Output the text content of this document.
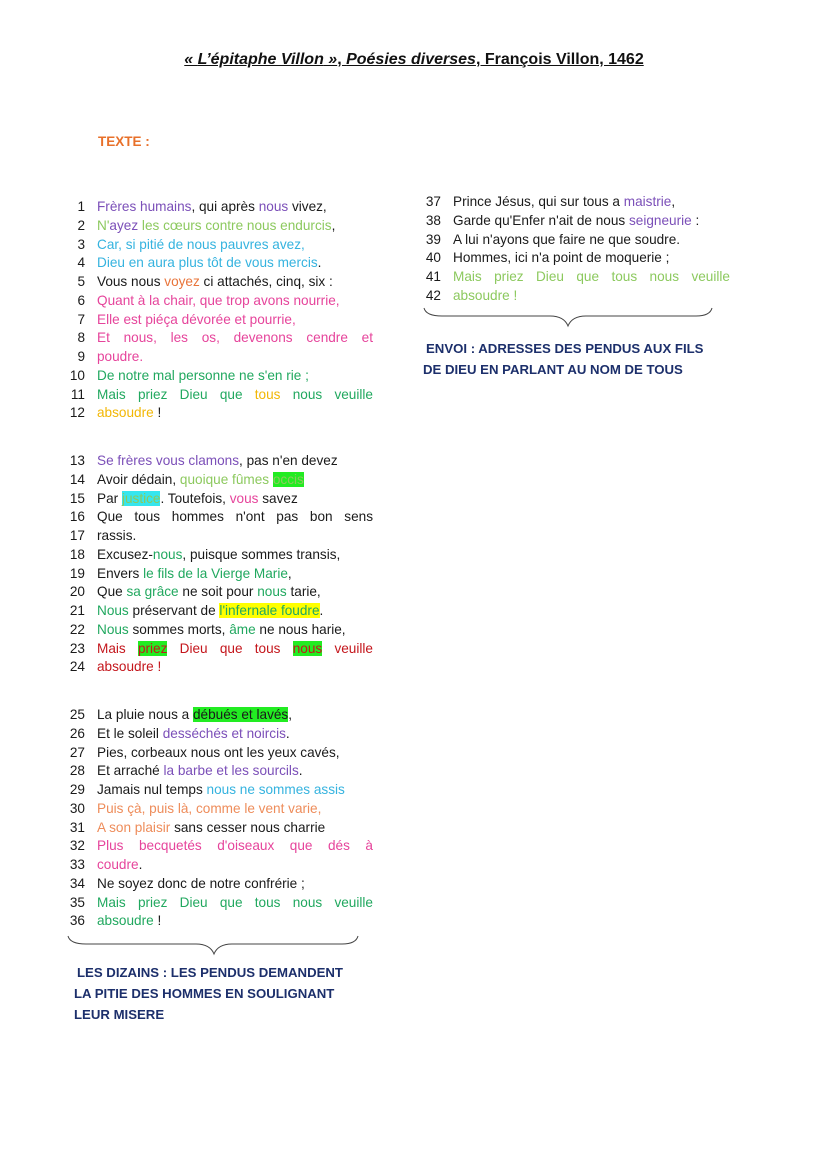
« L’épitaphe Villon », Poésies diverses, François Villon, 1462
TEXTE :
1 Frères humains, qui après nous vivez,
2 N'ayez les cœurs contre nous endurcis,
3 Car, si pitié de nous pauvres avez,
4 Dieu en aura plus tôt de vous mercis.
5 Vous nous voyez ci attachés, cinq, six :
6 Quant à la chair, que trop avons nourrie,
7 Elle est piéça dévorée et pourrie,
8 Et nous, les os, devenons cendre et
9 poudre.
10 De notre mal personne ne s'en rie ;
11 Mais priez Dieu que tous nous veuille
12 absoudre !
13 Se frères vous clamons, pas n'en devez
14 Avoir dédain, quoique fûmes occis
15 Par justice. Toutefois, vous savez
16 Que tous hommes n'ont pas bon sens
17 rassis.
18 Excusez-nous, puisque sommes transis,
19 Envers le fils de la Vierge Marie,
20 Que sa grâce ne soit pour nous tarie,
21 Nous préservant de l'infernale foudre.
22 Nous sommes morts, âme ne nous harie,
23 Mais priez Dieu que tous nous veuille
24 absoudre !
25 La pluie nous a débués et lavés,
26 Et le soleil desséchés et noircis.
27 Pies, corbeaux nous ont les yeux cavés,
28 Et arraché la barbe et les sourcils.
29 Jamais nul temps nous ne sommes assis
30 Puis çà, puis là, comme le vent varie,
31 A son plaisir sans cesser nous charrie
32 Plus becquetés d'oiseaux que dés à
33 coudre.
34 Ne soyez donc de notre confrérie ;
35 Mais priez Dieu que tous nous veuille
36 absoudre !
37 Prince Jésus, qui sur tous a maistrie,
38 Garde qu'Enfer n'ait de nous seigneurie :
39 A lui n'ayons que faire ne que soudre.
40 Hommes, ici n'a point de moquerie ;
41 Mais priez Dieu que tous nous veuille
42 absoudre !
LES DIZAINS : LES PENDUS DEMANDENT
LA PITIE DES HOMMES EN SOULIGNANT
LEUR MISERE
ENVOI : ADRESSES DES PENDUS AUX FILS
DE DIEU EN PARLANT AU NOM DE TOUS
